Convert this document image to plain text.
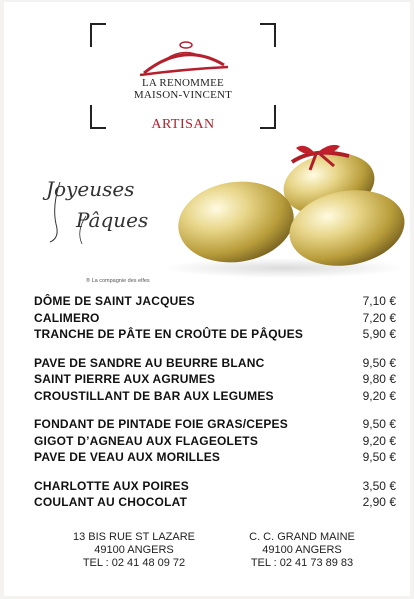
LA RENOMMEE
MAISON-VINCENT
ARTISAN
Joyeuses
Pâques
® La compagnie des elfes
DÔME DE SAINT JACQUES	7,10 €
CALIMERO	7,20 €
TRANCHE DE PÂTE EN CROÛTE DE PÂQUES	5,90 €
PAVE DE SANDRE AU BEURRE BLANC	9,50 €
SAINT PIERRE AUX AGRUMES	9,80 €
CROUSTILLANT DE BAR AUX LEGUMES	9,20 €
FONDANT DE PINTADE FOIE GRAS/CEPES	9,50 €
GIGOT D’AGNEAU AUX FLAGEOLETS	9,20 €
PAVE DE VEAU AUX MORILLES	9,50 €
CHARLOTTE AUX POIRES	3,50 €
COULANT AU CHOCOLAT	2,90 €
13 BIS RUE ST LAZARE
49100 ANGERS
TEL : 02 41 48 09 72
C. C. GRAND MAINE
49100 ANGERS
TEL : 02 41 73 89 83
